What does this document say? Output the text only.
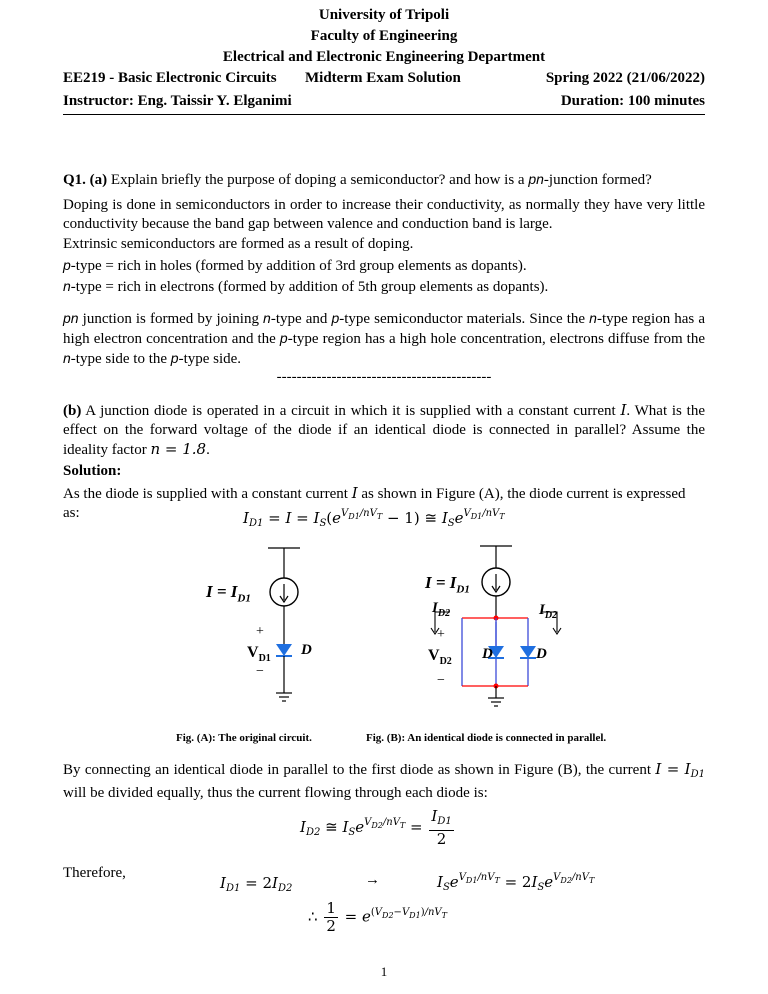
University of Tripoli
Faculty of Engineering
Electrical and Electronic Engineering Department
EE219 - Basic Electronic Circuits Midterm Exam Solution	Spring 2022 (21/06/2022)
Instructor: Eng. Taissir Y. Elganimi	Duration: 100 minutes
Q1. (a) Explain briefly the purpose of doping a semiconductor? and how is a pn-junction formed?
Doping is done in semiconductors in order to increase their conductivity, as normally they have very little conductivity because the band gap between valence and conduction band is large.
Extrinsic semiconductors are formed as a result of doping.
p-type = rich in holes (formed by addition of 3rd group elements as dopants).
n-type = rich in electrons (formed by addition of 5th group elements as dopants).
pn junction is formed by joining n-type and p-type semiconductor materials. Since the n-type region has a high electron concentration and the p-type region has a high hole concentration, electrons diffuse from the n-type side to the p-type side.
-------------------------------------------
(b) A junction diode is operated in a circuit in which it is supplied with a constant current I. What is the effect on the forward voltage of the diode if an identical diode is connected in parallel? Assume the ideality factor n = 1.8.
Solution:
As the diode is supplied with a constant current I as shown in Figure (A), the diode current is expressed as:	$I_{D1} = I = I_S(e^{V_{D1}/nV_T} - 1)$ ≅ $I_Se^{V_{D1}/nV_T}$
$I = I_{D1}$
+
$V_{D1}$
D
−
$I = I_{D1}$
$I_{D2}$	$I_{D2}$
+
$V_{D2}$ D	D
−
Fig. (A): The original circuit.	Fig. (B): An identical diode is connected in parallel.
By connecting an identical diode in parallel to the first diode as shown in Figure (B), the current $I = I_{D1}$ will be divided equally, thus the current flowing through each diode is:
$I_{D2}$ ≅ $I_Se^{V_{D2}/nV_T} = \frac{I_{D1}}{2}$
Therefore,
$I_{D1} = 2I_{D2}$
→	$I_Se^{V_{D1}/nV_T} = 2I_Se^{V_{D2}/nV_T}$
∴ $\frac{1}{2} = e^{(V_{D2}-V_{D1})/nV_T}$
1
